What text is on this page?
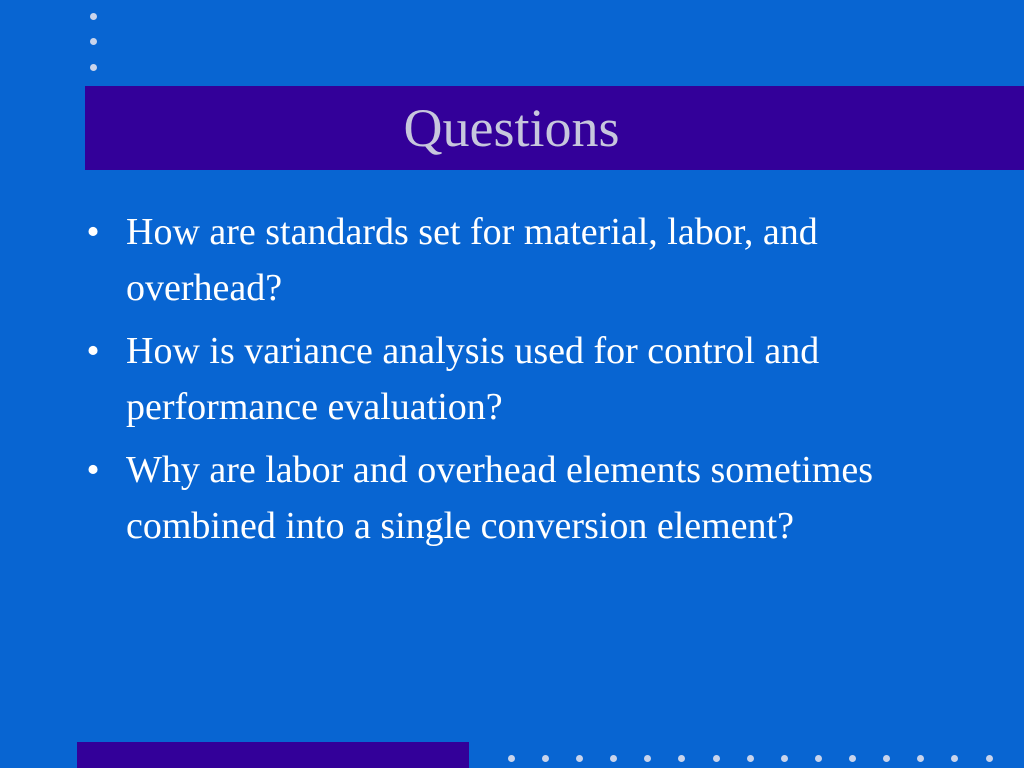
Questions
• How are standards set for material, labor, and overhead?
• How is variance analysis used for control and performance evaluation?
• Why are labor and overhead elements sometimes combined into a single conversion element?
